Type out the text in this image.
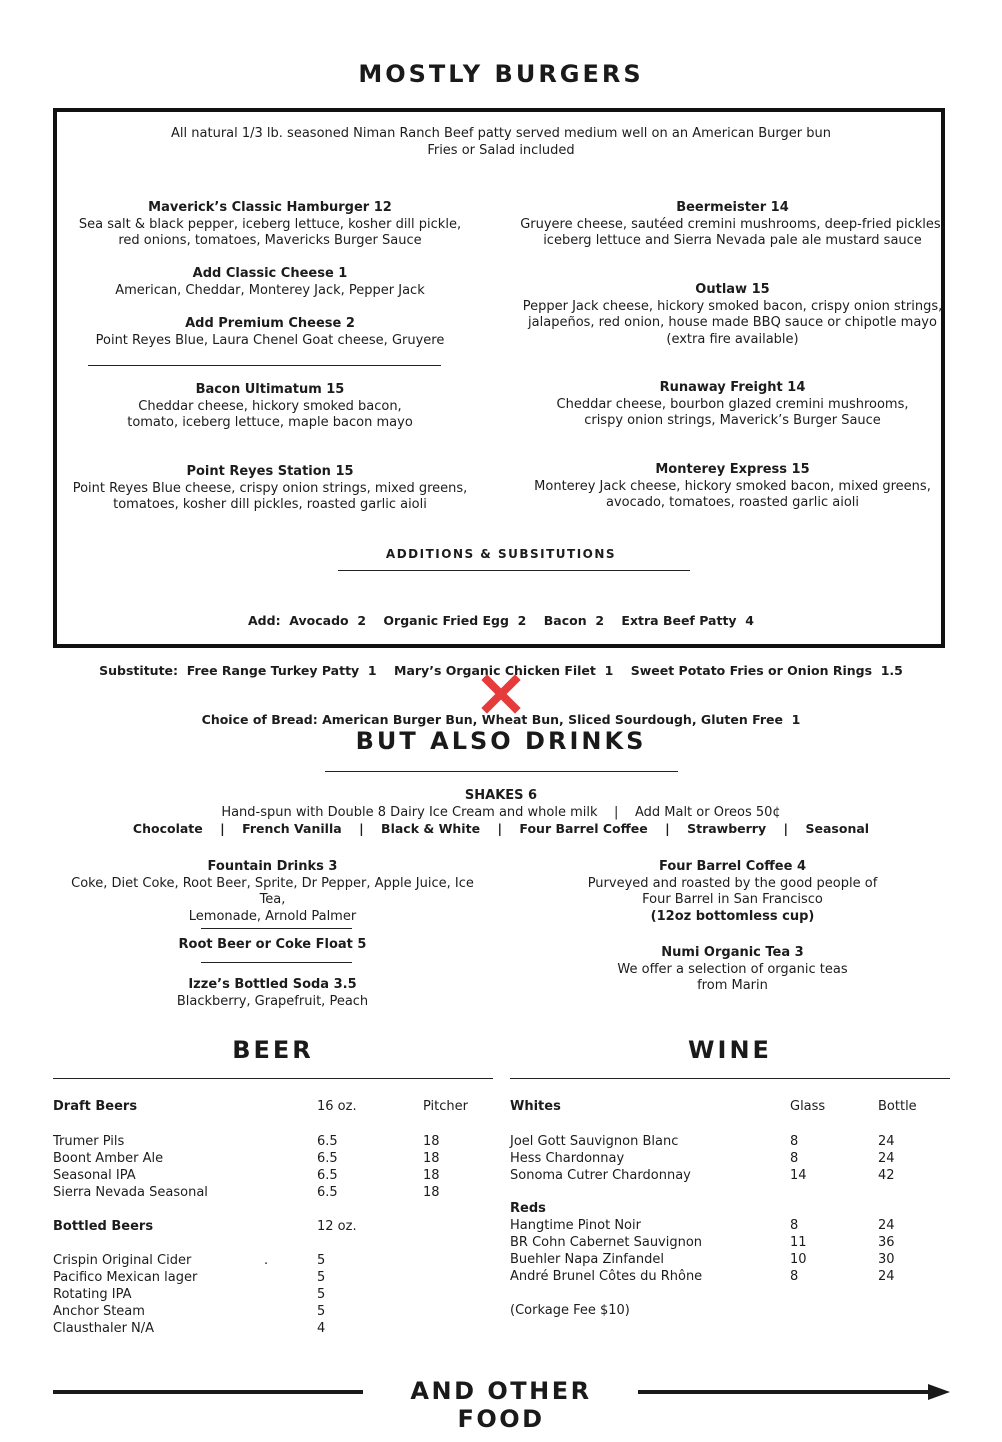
MOSTLY BURGERS
All natural 1/3 lb. seasoned Niman Ranch Beef patty served medium well on an American Burger bun
Fries or Salad included
Maverick’s Classic Hamburger 12
Sea salt & black pepper, iceberg lettuce, kosher dill pickle,
red onions, tomatoes, Mavericks Burger Sauce
Add Classic Cheese 1
American, Cheddar, Monterey Jack, Pepper Jack
Add Premium Cheese 2
Point Reyes Blue, Laura Chenel Goat cheese, Gruyere
Bacon Ultimatum 15
Cheddar cheese, hickory smoked bacon,
tomato, iceberg lettuce, maple bacon mayo
Point Reyes Station 15
Point Reyes Blue cheese, crispy onion strings, mixed greens,
tomatoes, kosher dill pickles, roasted garlic aioli
Beermeister 14
Gruyere cheese, sautéed cremini mushrooms, deep-fried pickles,
iceberg lettuce and Sierra Nevada pale ale mustard sauce
Outlaw 15
Pepper Jack cheese, hickory smoked bacon, crispy onion strings,
jalapeños, red onion, house made BBQ sauce or chipotle mayo
(extra fire available)
Runaway Freight 14
Cheddar cheese, bourbon glazed cremini mushrooms,
crispy onion strings, Maverick’s Burger Sauce
Monterey Express 15
Monterey Jack cheese, hickory smoked bacon, mixed greens,
avocado, tomatoes, roasted garlic aioli
ADDITIONS & SUBSITUTIONS

Add:  Avocado  2    Organic Fried Egg  2    Bacon  2    Extra Beef Patty  4

Substitute:  Free Range Turkey Patty  1    Mary’s Organic Chicken Filet  1    Sweet Potato Fries or Onion Rings  1.5

Choice of Bread: American Burger Bun, Wheat Bun, Sliced Sourdough, Gluten Free  1

BUT ALSO DRINKS
SHAKES 6
Hand-spun with Double 8 Dairy Ice Cream and whole milk    |    Add Malt or Oreos 50¢
Chocolate    |    French Vanilla    |    Black & White    |    Four Barrel Coffee    |    Strawberry    |    Seasonal
Fountain Drinks 3
Coke, Diet Coke, Root Beer, Sprite, Dr Pepper, Apple Juice, Ice Tea,
Lemonade, Arnold Palmer
Root Beer or Coke Float 5
Izze’s Bottled Soda 3.5
Blackberry, Grapefruit, Peach
Four Barrel Coffee 4
Purveyed and roasted by the good people of
Four Barrel in San Francisco
(12oz bottomless cup)
Numi Organic Tea 3
We offer a selection of organic teas
from Marin
BEER
Draft Beers	16 oz.	Pitcher
Trumer Pils	6.5	18
Boont Amber Ale	6.5	18
Seasonal IPA	6.5	18
Sierra Nevada Seasonal	6.5	18
Bottled Beers	12 oz.
Crispin Original Cider	.	5
Pacifico Mexican lager	5
Rotating IPA	5
Anchor Steam	5
Clausthaler N/A	4
WINE
Whites	Glass	Bottle
Joel Gott Sauvignon Blanc	8	24
Hess Chardonnay	8	24
Sonoma Cutrer Chardonnay	14	42
Reds
Hangtime Pinot Noir	8	24
BR Cohn Cabernet Sauvignon	11	36
Buehler Napa Zinfandel	10	30
André Brunel Côtes du Rhône	8	24
(Corkage Fee $10)
AND OTHER FOOD
